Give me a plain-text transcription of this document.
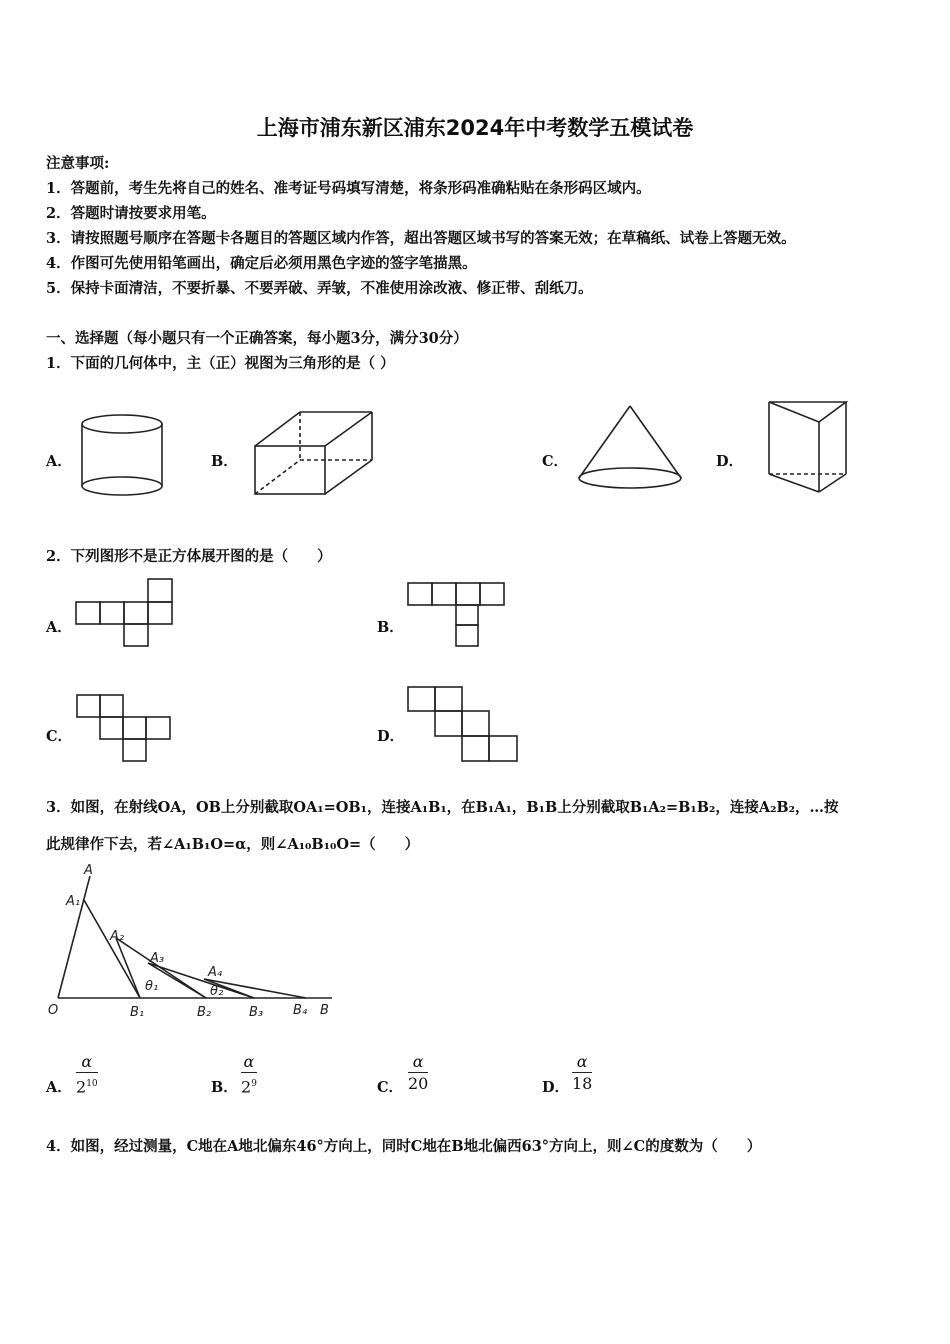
上海市浦东新区浦东2024年中考数学五模试卷
注意事项:
1．答题前，考生先将自己的姓名、准考证号码填写清楚，将条形码准确粘贴在条形码区域内。
2．答题时请按要求用笔。
3．请按照题号顺序在答题卡各题目的答题区域内作答，超出答题区域书写的答案无效；在草稿纸、试卷上答题无效。
4．作图可先使用铅笔画出，确定后必须用黑色字迹的签字笔描黑。
5．保持卡面清洁，不要折暴、不要弄破、弄皱，不准使用涂改液、修正带、刮纸刀。
一、选择题（每小题只有一个正确答案，每小题3分，满分30分）
1．下面的几何体中，主（正）视图为三角形的是（ ）
A．	B．	C．	D．
2．下列图形不是正方体展开图的是（　　）
A．	B．
C．	D．
3．如图，在射线OA，OB上分别截取OA₁=OB₁，连接A₁B₁，在B₁A₁，B₁B上分别截取B₁A₂=B₁B₂，连接A₂B₂，…按
此规律作下去，若∠A₁B₁O=α，则∠A₁₀B₁₀O=（　　）
A
A₁
A₂
A₃
A₄
θ₁	θ₂
O	B₁	B₂	B₃ B₄ B
A． $\frac{\alpha}{2^{10}}$	B． $\frac{\alpha}{2^9}$	C． $\frac{\alpha}{20}$	D． $\frac{\alpha}{18}$
4．如图，经过测量，C地在A地北偏东46°方向上，同时C地在B地北偏西63°方向上，则∠C的度数为（　　）
